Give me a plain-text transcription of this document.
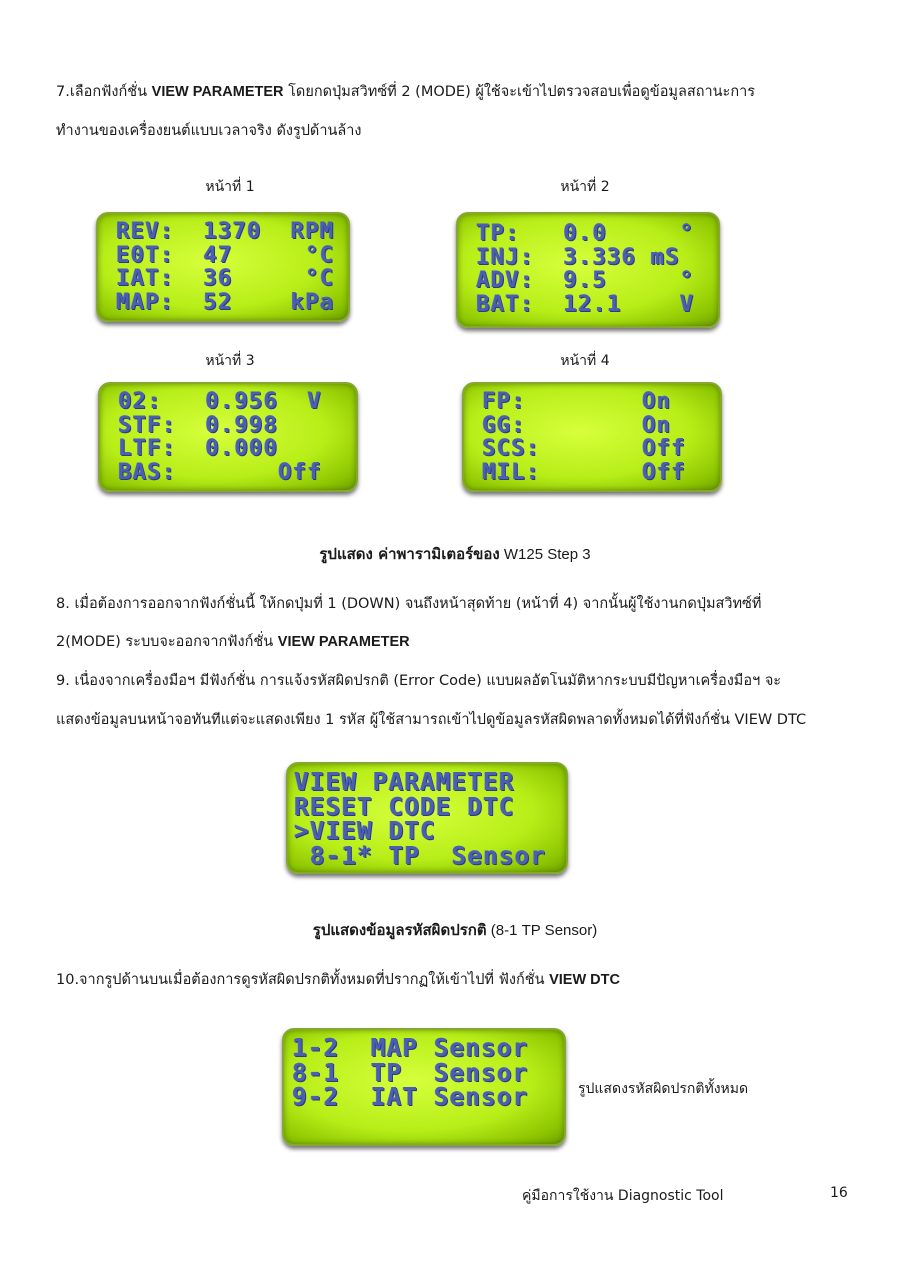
7.เลือกฟังก์ชั่น VIEW PARAMETER โดยกดปุ่มสวิทซ์ที่ 2 (MODE) ผู้ใช้จะเข้าไปตรวจสอบเพื่อดูข้อมูลสถานะการ
ทำงานของเครื่องยนต์แบบเวลาจริง ดังรูปด้านล้าง
หน้าที่ 1	หน้าที่ 2
REV:  1370  RPM
E0T:  47     °C
IAT:  36     °C
MAP:  52    kPa
TP:   0.0     °
INJ:  3.336 mS
ADV:  9.5     °
BAT:  12.1    V
หน้าที่ 3	หน้าที่ 4
02:   0.956  V
STF:  0.998
LTF:  0.000
BAS:       Off
FP:        On
GG:        On
SCS:       Off
MIL:       Off
รูปแสดง ค่าพารามิเตอร์ของ W125 Step 3
8. เมื่อต้องการออกจากฟังก์ชั่นนี้ ให้กดปุ่มที่ 1 (DOWN) จนถึงหน้าสุดท้าย (หน้าที่ 4) จากนั้นผู้ใช้งานกดปุ่มสวิทซ์ที่
2(MODE) ระบบจะออกจากฟังก์ชั่น VIEW PARAMETER
9. เนื่องจากเครื่องมือฯ มีฟังก์ชั่น การแจ้งรหัสผิดปรกติ (Error Code) แบบผลอัตโนมัติหากระบบมีปัญหาเครื่องมือฯ จะ
แสดงข้อมูลบนหน้าจอทันทีแต่จะแสดงเพียง 1 รหัส ผู้ใช้สามารถเข้าไปดูข้อมูลรหัสผิดพลาดทั้งหมดได้ที่ฟังก์ชั่น VIEW DTC
VIEW PARAMETER
RESET CODE DTC
>VIEW DTC
8-1* TP  Sensor
รูปแสดงข้อมูลรหัสผิดปรกติ (8-1 TP Sensor)
10.จากรูปด้านบนเมื่อต้องการดูรหัสผิดปรกติทั้งหมดที่ปรากฏให้เข้าไปที่ ฟังก์ชั่น VIEW DTC
1-2  MAP Sensor
8-1  TP  Sensor
9-2  IAT Sensor	รูปแสดงรหัสผิดปรกติทั้งหมด
คู่มือการใช้งาน Diagnostic Tool	16
